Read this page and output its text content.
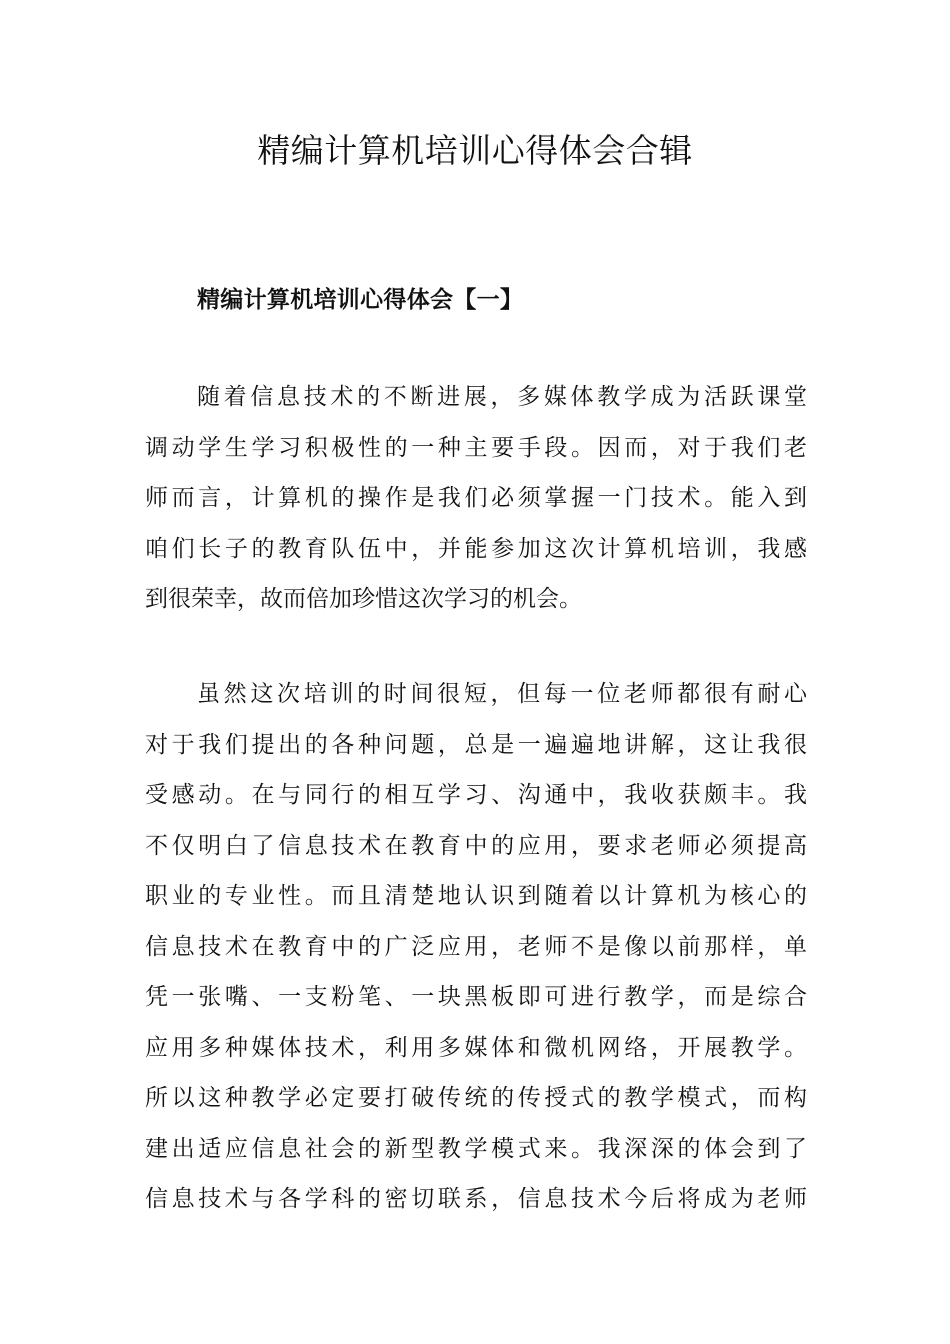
精编计算机培训心得体会合辑
精编计算机培训心得体会【一】
随着信息技术的不断进展，多媒体教学成为活跃课堂
调动学生学习积极性的一种主要手段。因而，对于我们老
师而言，计算机的操作是我们必须掌握一门技术。能入到
咱们长子的教育队伍中，并能参加这次计算机培训，我感
到很荣幸，故而倍加珍惜这次学习的机会。
虽然这次培训的时间很短，但每一位老师都很有耐心
对于我们提出的各种问题，总是一遍遍地讲解，这让我很
受感动。在与同行的相互学习、沟通中，我收获颇丰。我
不仅明白了信息技术在教育中的应用，要求老师必须提高
职业的专业性。而且清楚地认识到随着以计算机为核心的
信息技术在教育中的广泛应用，老师不是像以前那样，单
凭一张嘴、一支粉笔、一块黑板即可进行教学，而是综合
应用多种媒体技术，利用多媒体和微机网络，开展教学。
所以这种教学必定要打破传统的传授式的教学模式，而构
建出适应信息社会的新型教学模式来。我深深的体会到了
信息技术与各学科的密切联系，信息技术今后将成为老师
